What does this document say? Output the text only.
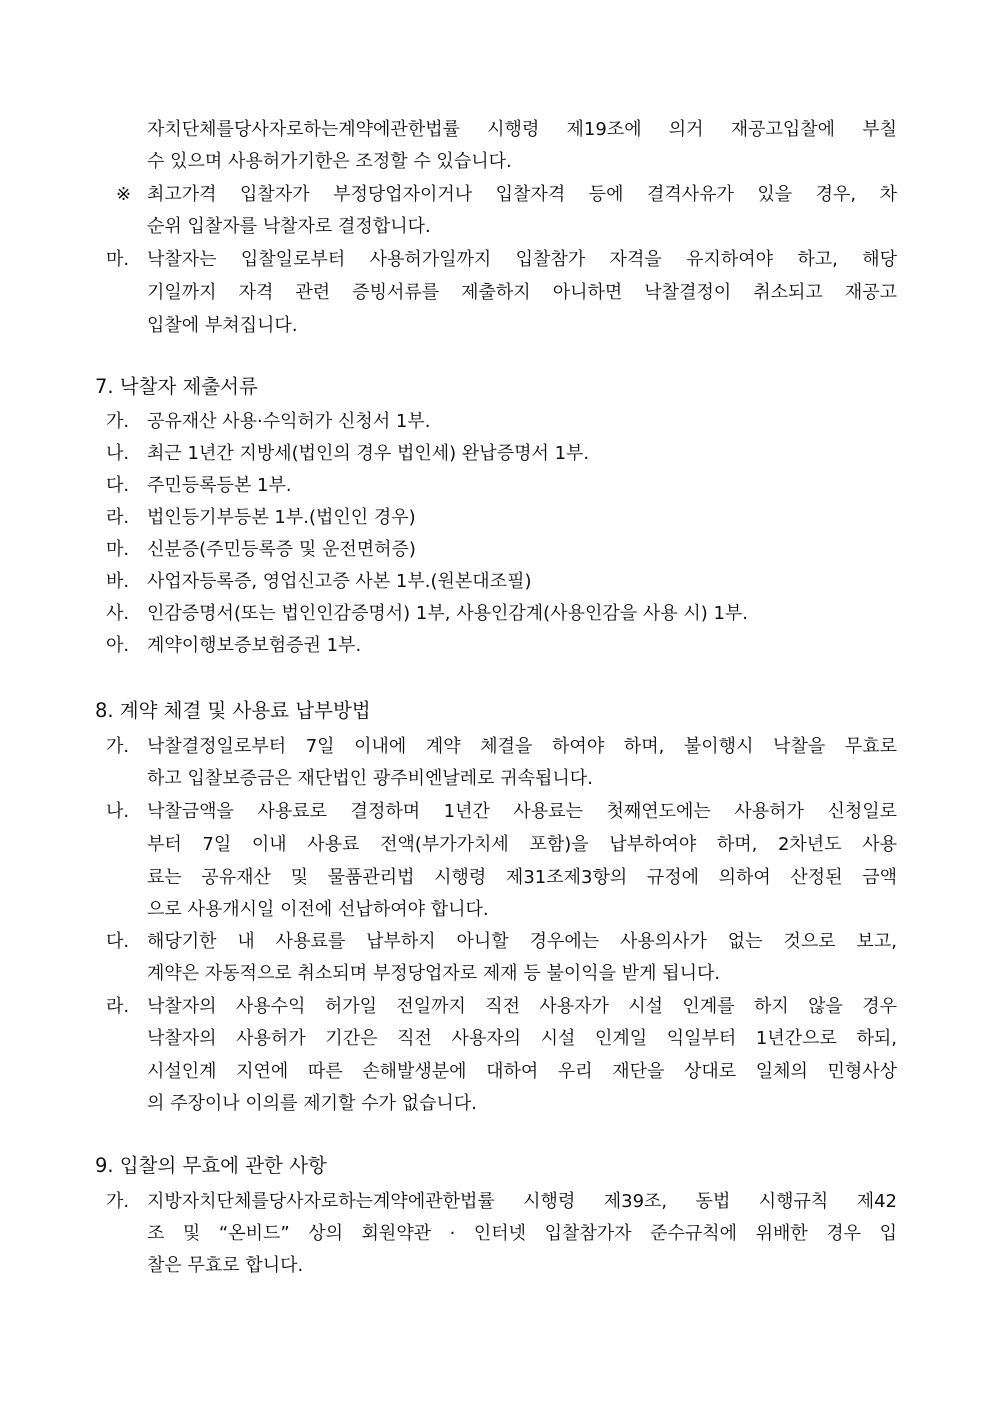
자치단체를당사자로하는계약에관한법률 시행령 제19조에 의거 재공고입찰에 부칠
수 있으며 사용허가기한은 조정할 수 있습니다.
※ 최고가격 입찰자가 부정당업자이거나 입찰자격 등에 결격사유가 있을 경우, 차
순위 입찰자를 낙찰자로 결정합니다.
마. 낙찰자는 입찰일로부터 사용허가일까지 입찰참가 자격을 유지하여야 하고, 해당
기일까지 자격 관련 증빙서류를 제출하지 아니하면 낙찰결정이 취소되고 재공고
입찰에 부쳐집니다.
7. 낙찰자 제출서류
가. 공유재산 사용·수익허가 신청서 1부.
나. 최근 1년간 지방세(법인의 경우 법인세) 완납증명서 1부.
다. 주민등록등본 1부.
라. 법인등기부등본 1부.(법인인 경우)
마. 신분증(주민등록증 및 운전면허증)
바. 사업자등록증, 영업신고증 사본 1부.(원본대조필)
사. 인감증명서(또는 법인인감증명서) 1부, 사용인감계(사용인감을 사용 시) 1부.
아. 계약이행보증보험증권 1부.
8. 계약 체결 및 사용료 납부방법
가. 낙찰결정일로부터 7일 이내에 계약 체결을 하여야 하며, 불이행시 낙찰을 무효로
하고 입찰보증금은 재단법인 광주비엔날레로 귀속됩니다.
나. 낙찰금액을 사용료로 결정하며 1년간 사용료는 첫째연도에는 사용허가 신청일로
부터 7일 이내 사용료 전액(부가가치세 포함)을 납부하여야 하며, 2차년도 사용
료는 공유재산 및 물품관리법 시행령 제31조제3항의 규정에 의하여 산정된 금액
으로 사용개시일 이전에 선납하여야 합니다.
다. 해당기한 내 사용료를 납부하지 아니할 경우에는 사용의사가 없는 것으로 보고,
계약은 자동적으로 취소되며 부정당업자로 제재 등 불이익을 받게 됩니다.
라. 낙찰자의 사용수익 허가일 전일까지 직전 사용자가 시설 인계를 하지 않을 경우
낙찰자의 사용허가 기간은 직전 사용자의 시설 인계일 익일부터 1년간으로 하되,
시설인계 지연에 따른 손해발생분에 대하여 우리 재단을 상대로 일체의 민형사상
의 주장이나 이의를 제기할 수가 없습니다.
9. 입찰의 무효에 관한 사항
가. 지방자치단체를당사자로하는계약에관한법률 시행령 제39조, 동법 시행규칙 제42
조 및 “온비드” 상의 회원약관 · 인터넷 입찰참가자 준수규칙에 위배한 경우 입
찰은 무효로 합니다.
